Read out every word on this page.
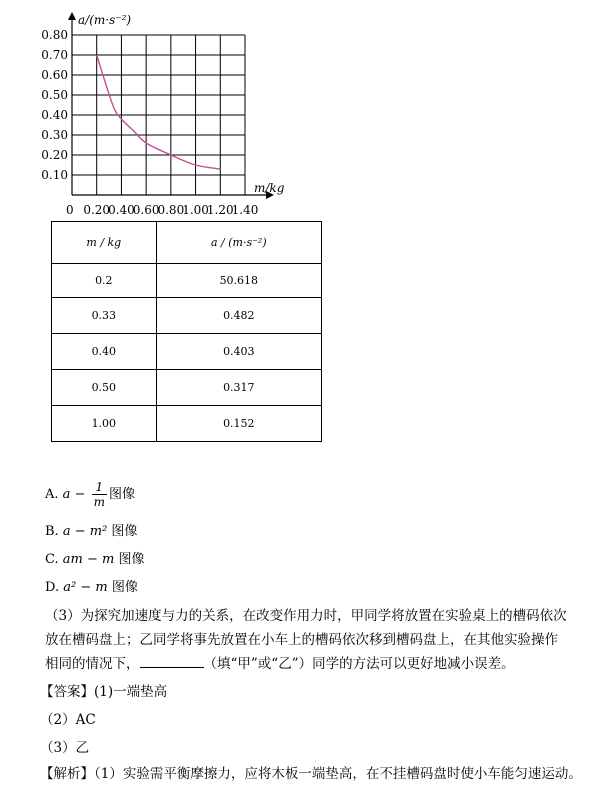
0.20
0.40
0.60
0.80
1.00
1.20
1.40
0.80
0.70
0.60
0.50
0.40
0.30
0.20
0.10
0
a/(m·s⁻²)
m/kg
m / kg	a / (m·s⁻²)
0.2	50.618
0.33	0.482
0.40	0.403
0.50	0.317
1.00	0.152
A. $a - \frac{1}{m}$ 图像
B. a − m² 图像
C. am − m 图像
D. a² − m 图像
（3）为探究加速度与力的关系，在改变作用力时，甲同学将放置在实验桌上的槽码依次放在槽码盘上；乙同学将事先放置在小车上的槽码依次移到槽码盘上，在其他实验操作相同的情况下，	（填“甲”或“乙”）同学的方法可以更好地减小误差。
【答案】(1)一端垫高
（2）AC
（3）乙
【解析】（1）实验需平衡摩擦力，应将木板一端垫高，在不挂槽码盘时使小车能匀速运动。
